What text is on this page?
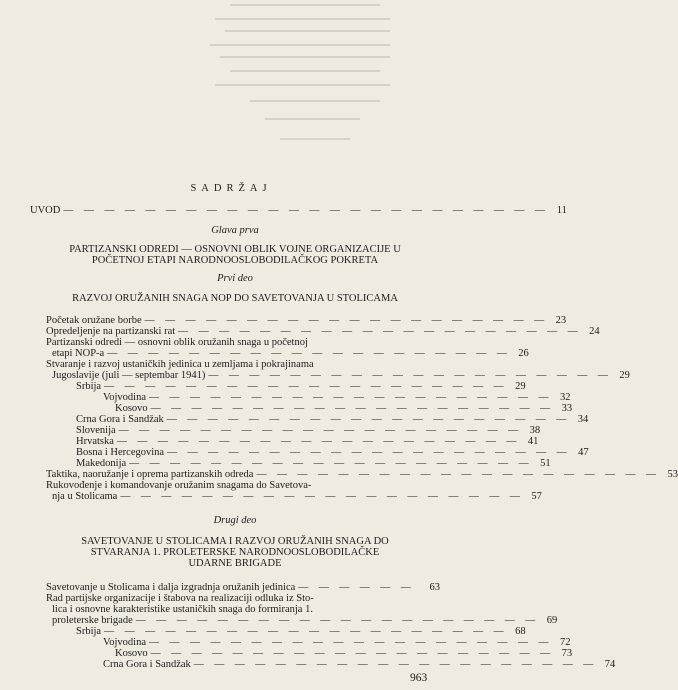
SADRŽAJ
UVOD — — — — — — — — — — — — — — — — — — — — — — — — 11
Glava prva
PARTIZANSKI ODREDI — OSNOVNI OBLIK VOJNE ORGANIZACIJE U
POČETNOJ ETAPI NARODNOOSLOBODILAČKOG POKRETA
Prvi deo
RAZVOJ ORUŽANIH SNAGA NOP DO SAVETOVANJA U STOLICAMA
Početak oružane borbe — — — — — — — — — — — — — — — — — — — — 23
Opredeljenje na partizanski rat — — — — — — — — — — — — — — — — — — — — 24
Partizanski odredi — osnovni oblik oružanih snaga u početnoj
etapi NOP-a — — — — — — — — — — — — — — — — — — — — 26
Stvaranje i razvoj ustaničkih jedinica u zemljama i pokrajinama
Jugoslavije (juli — septembar 1941) — — — — — — — — — — — — — — — — — — — — 29
Srbija — — — — — — — — — — — — — — — — — — — — 29
Vojvodina — — — — — — — — — — — — — — — — — — — — 32
Kosovo — — — — — — — — — — — — — — — — — — — — 33
Crna Gora i Sandžak — — — — — — — — — — — — — — — — — — — — 34
Slovenija — — — — — — — — — — — — — — — — — — — — 38
Hrvatska — — — — — — — — — — — — — — — — — — — — 41
Bosna i Hercegovina — — — — — — — — — — — — — — — — — — — — 47
Makedonija — — — — — — — — — — — — — — — — — — — — 51
Taktika, naoružanje i oprema partizanskih odreda — — — — — — — — — — — — — — — — — — — — 53
Rukovođenje i komandovanje oružanim snagama do Savetova-
nja u Stolicama — — — — — — — — — — — — — — — — — — — — 57
Drugi deo
SAVETOVANJE U STOLICAMA I RAZVOJ ORUŽANIH SNAGA DO
STVARANJA 1. PROLETERSKE NARODNOOSLOBODILAČKE
UDARNE BRIGADE
Savetovanje u Stolicama i dalja izgradnja oružanih jedinica — — — — — —	63
Rad partijske organizacije i štabova na realizaciji odluka iz Sto-
lica i osnovne karakteristike ustaničkih snaga do formiranja 1.
proleterske brigade — — — — — — — — — — — — — — — — — — — — 69
Srbija — — — — — — — — — — — — — — — — — — — — 68
Vojvodina — — — — — — — — — — — — — — — — — — — — 72
Kosovo — — — — — — — — — — — — — — — — — — — — 73
Crna Gora i Sandžak — — — — — — — — — — — — — — — — — — — — 74
963
